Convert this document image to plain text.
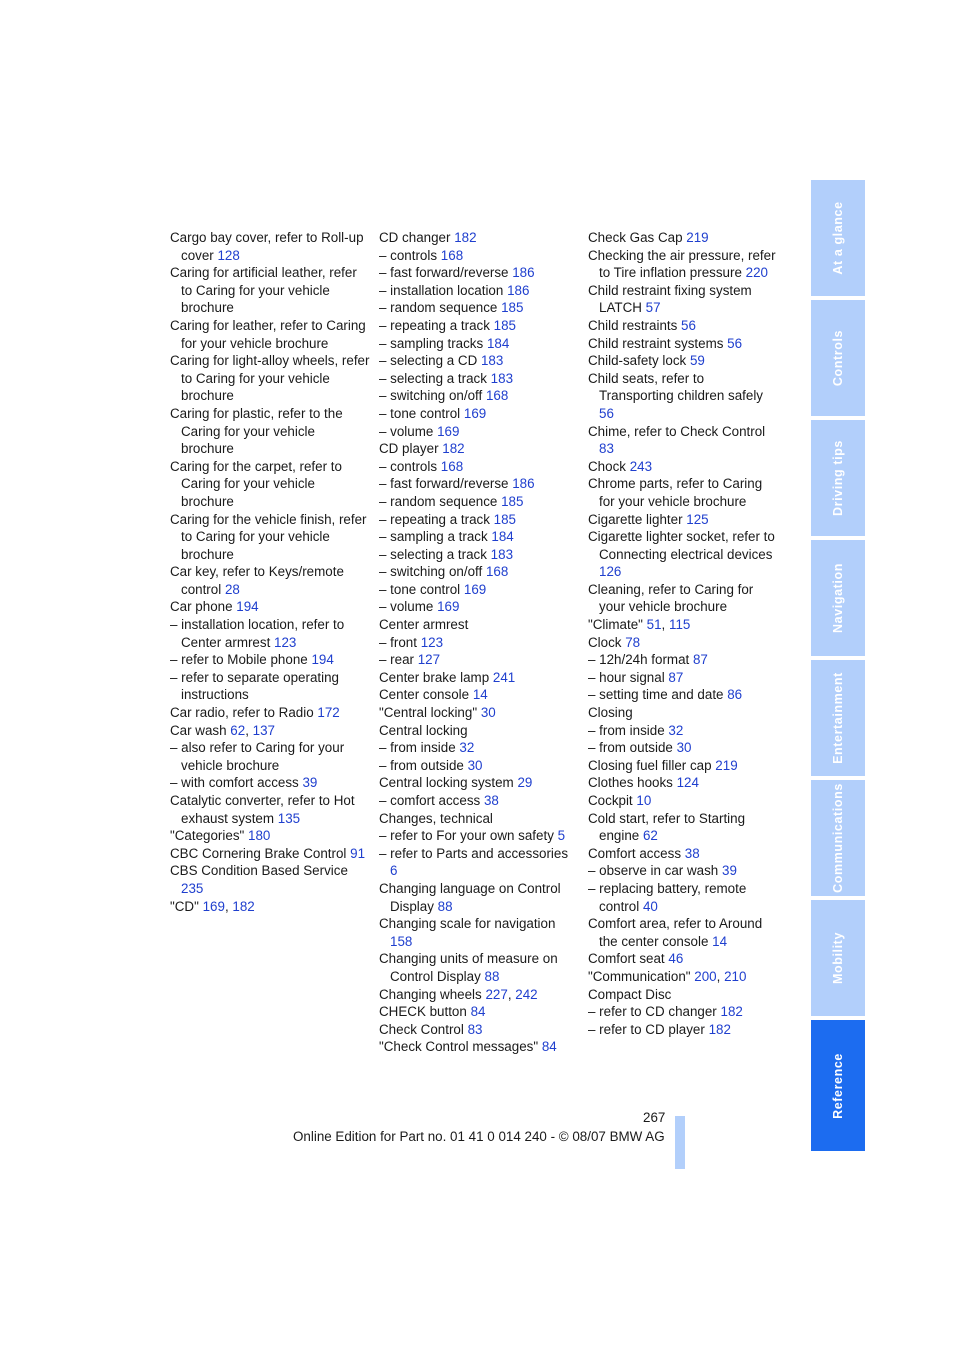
Cargo bay cover, refer to Roll-up cover 128
Caring for artificial leather, refer to Caring for your vehicle brochure
Caring for leather, refer to Caring for your vehicle brochure
Caring for light-alloy wheels, refer to Caring for your vehicle brochure
Caring for plastic, refer to the Caring for your vehicle brochure
Caring for the carpet, refer to Caring for your vehicle brochure
Caring for the vehicle finish, refer to Caring for your vehicle brochure
Car key, refer to Keys/remote control 28
Car phone 194
– installation location, refer to Center armrest 123
– refer to Mobile phone 194
– refer to separate operating instructions
Car radio, refer to Radio 172
Car wash 62, 137
– also refer to Caring for your vehicle brochure
– with comfort access 39
Catalytic converter, refer to Hot exhaust system 135
"Categories" 180
CBC Cornering Brake Control 91
CBS Condition Based Service 235
"CD" 169, 182
CD changer 182
– controls 168
– fast forward/reverse 186
– installation location 186
– random sequence 185
– repeating a track 185
– sampling tracks 184
– selecting a CD 183
– selecting a track 183
– switching on/off 168
– tone control 169
– volume 169
CD player 182
– controls 168
– fast forward/reverse 186
– random sequence 185
– repeating a track 185
– sampling a track 184
– selecting a track 183
– switching on/off 168
– tone control 169
– volume 169
Center armrest
– front 123
– rear 127
Center brake lamp 241
Center console 14
"Central locking" 30
Central locking
– from inside 32
– from outside 30
Central locking system 29
– comfort access 38
Changes, technical
– refer to For your own safety 5
– refer to Parts and accessories 6
Changing language on Control Display 88
Changing scale for navigation 158
Changing units of measure on Control Display 88
Changing wheels 227, 242
CHECK button 84
Check Control 83
"Check Control messages" 84
Check Gas Cap 219
Checking the air pressure, refer to Tire inflation pressure 220
Child restraint fixing system LATCH 57
Child restraints 56
Child restraint systems 56
Child-safety lock 59
Child seats, refer to Transporting children safely 56
Chime, refer to Check Control 83
Chock 243
Chrome parts, refer to Caring for your vehicle brochure
Cigarette lighter 125
Cigarette lighter socket, refer to Connecting electrical devices 126
Cleaning, refer to Caring for your vehicle brochure
"Climate" 51, 115
Clock 78
– 12h/24h format 87
– hour signal 87
– setting time and date 86
Closing
– from inside 32
– from outside 30
Closing fuel filler cap 219
Clothes hooks 124
Cockpit 10
Cold start, refer to Starting engine 62
Comfort access 38
– observe in car wash 39
– replacing battery, remote control 40
Comfort area, refer to Around the center console 14
Comfort seat 46
"Communication" 200, 210
Compact Disc
– refer to CD changer 182
– refer to CD player 182
At a glance
Controls
Driving tips
Navigation
Entertainment
Communications
Mobility
Reference
267
Online Edition for Part no. 01 41 0 014 240 - © 08/07 BMW AG
